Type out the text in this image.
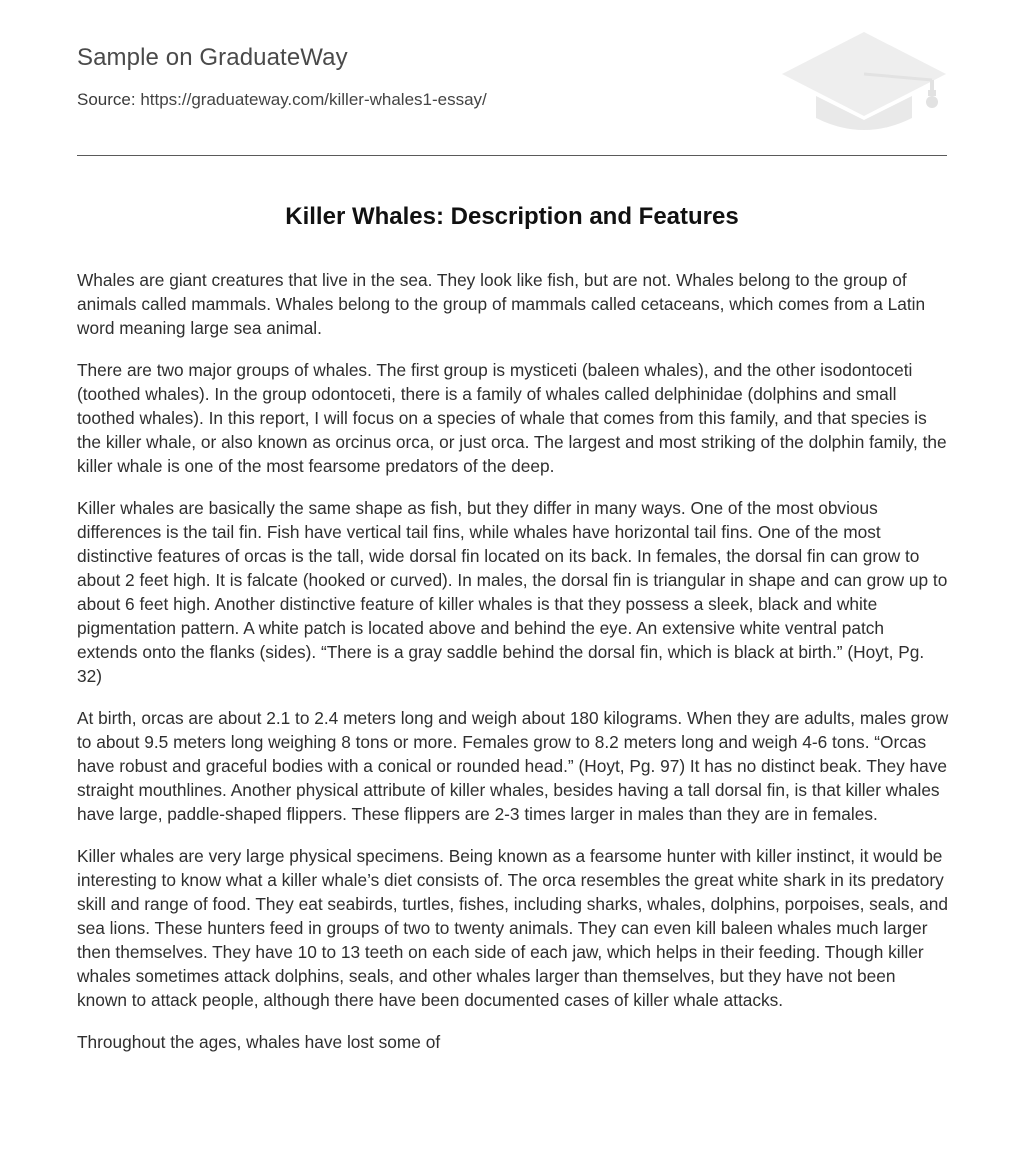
Sample on GraduateWay
Source: https://graduateway.com/killer-whales1-essay/
Killer Whales: Description and Features

Whales are giant creatures that live in the sea. They look like fish, but are not. Whales belong to the group of animals called mammals. Whales belong to the group of mammals called cetaceans, which comes from a Latin word meaning large sea animal.

There are two major groups of whales. The first group is mysticeti (baleen whales), and the other isodontoceti (toothed whales). In the group odontoceti, there is a family of whales called delphinidae (dolphins and small toothed whales). In this report, I will focus on a species of whale that comes from this family, and that species is the killer whale, or also known as orcinus orca, or just orca. The largest and most striking of the dolphin family, the killer whale is one of the most fearsome predators of the deep.

Killer whales are basically the same shape as fish, but they differ in many ways. One of the most obvious differences is the tail fin. Fish have vertical tail fins, while whales have horizontal tail fins. One of the most distinctive features of orcas is the tall, wide dorsal fin located on its back. In females, the dorsal fin can grow to about 2 feet high. It is falcate (hooked or curved). In males, the dorsal fin is triangular in shape and can grow up to about 6 feet high. Another distinctive feature of killer whales is that they possess a sleek, black and white pigmentation pattern. A white patch is located above and behind the eye. An extensive white ventral patch extends onto the flanks (sides). “There is a gray saddle behind the dorsal fin, which is black at birth.” (Hoyt, Pg. 32)

At birth, orcas are about 2.1 to 2.4 meters long and weigh about 180 kilograms. When they are adults, males grow to about 9.5 meters long weighing 8 tons or more. Females grow to 8.2 meters long and weigh 4-6 tons. “Orcas have robust and graceful bodies with a conical or rounded head.” (Hoyt, Pg. 97) It has no distinct beak. They have straight mouthlines. Another physical attribute of killer whales, besides having a tall dorsal fin, is that killer whales have large, paddle-shaped flippers. These flippers are 2-3 times larger in males than they are in females.

Killer whales are very large physical specimens. Being known as a fearsome hunter with killer instinct, it would be interesting to know what a killer whale’s diet consists of. The orca resembles the great white shark in its predatory skill and range of food. They eat seabirds, turtles, fishes, including sharks, whales, dolphins, porpoises, seals, and sea lions. These hunters feed in groups of two to twenty animals. They can even kill baleen whales much larger then themselves. They have 10 to 13 teeth on each side of each jaw, which helps in their feeding. Though killer whales sometimes attack dolphins, seals, and other whales larger than themselves, but they have not been known to attack people, although there have been documented cases of killer whale attacks.

Throughout the ages, whales have lost some of
